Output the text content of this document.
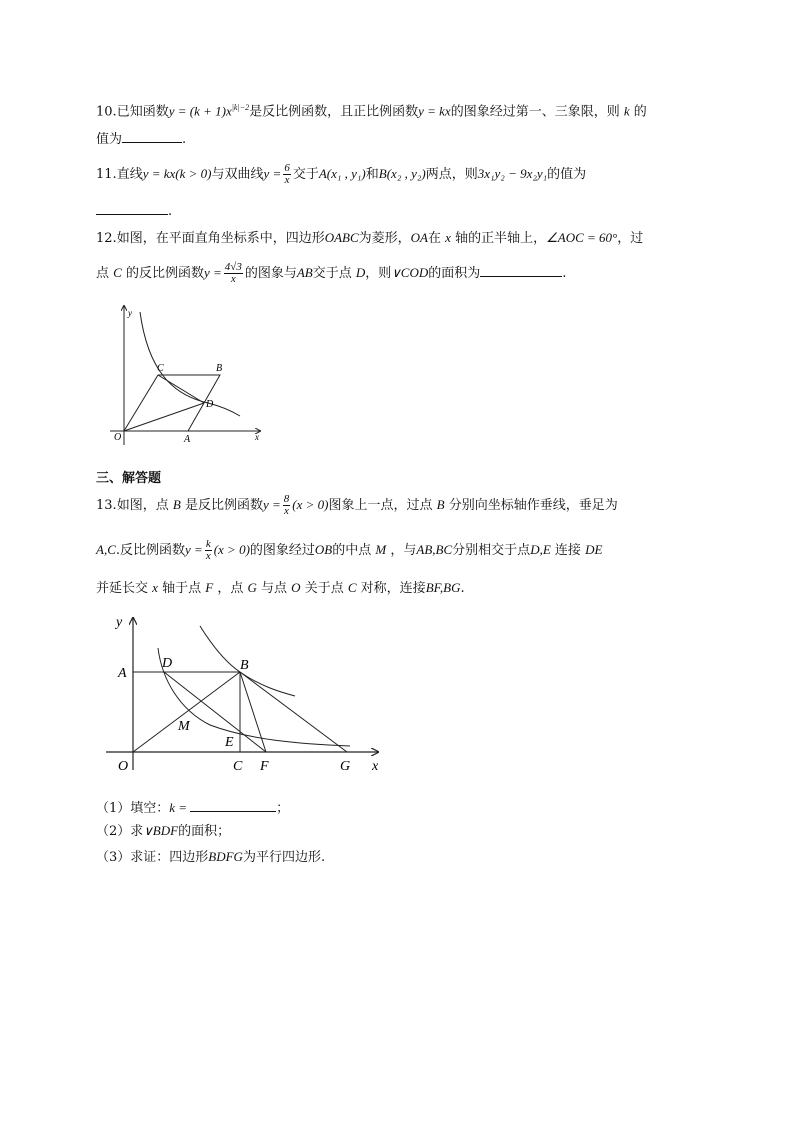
10.已知函数$y = (k + 1)x^{|k|-2}$是反比例函数，且正比例函数y = kx的图象经过第一、三象限，则 k 的
值为	.
11.直线y = kx(k > 0)与双曲线$y = \frac{6}{x}$ 交于A(x₁ , y₁)和B(x₂ , y₂)两点，则3x₁y₂ − 9x₂y₁的值为
.
12.如图，在平面直角坐标系中，四边形OABC为菱形，OA在 x 轴的正半轴上，∠AOC = 60°，过
点 C 的反比例函数$y = \frac{4√3}{x}$ 的图象与AB交于点 D，则∨COD的面积为	.
y
C	B
D
O	A	x
三、解答题
13.如图，点 B 是反比例函数$y = \frac{8}{x} (x > 0)$图象上一点，过点 B 分别向坐标轴作垂线，垂足为
A,C.反比例函数$y = \frac{k}{x} (x > 0)$的图象经过OB的中点 M ，与AB,BC分别相交于点D,E 连接 DE
并延长交 x 轴于点 F ，点 G 与点 O 关于点 C 对称，连接BF,BG.
y
A
D	B
M
E
O	C F	G x
（1）填空：k =	；
（2）求∨BDF的面积；
（3）求证：四边形BDFG为平行四边形.
